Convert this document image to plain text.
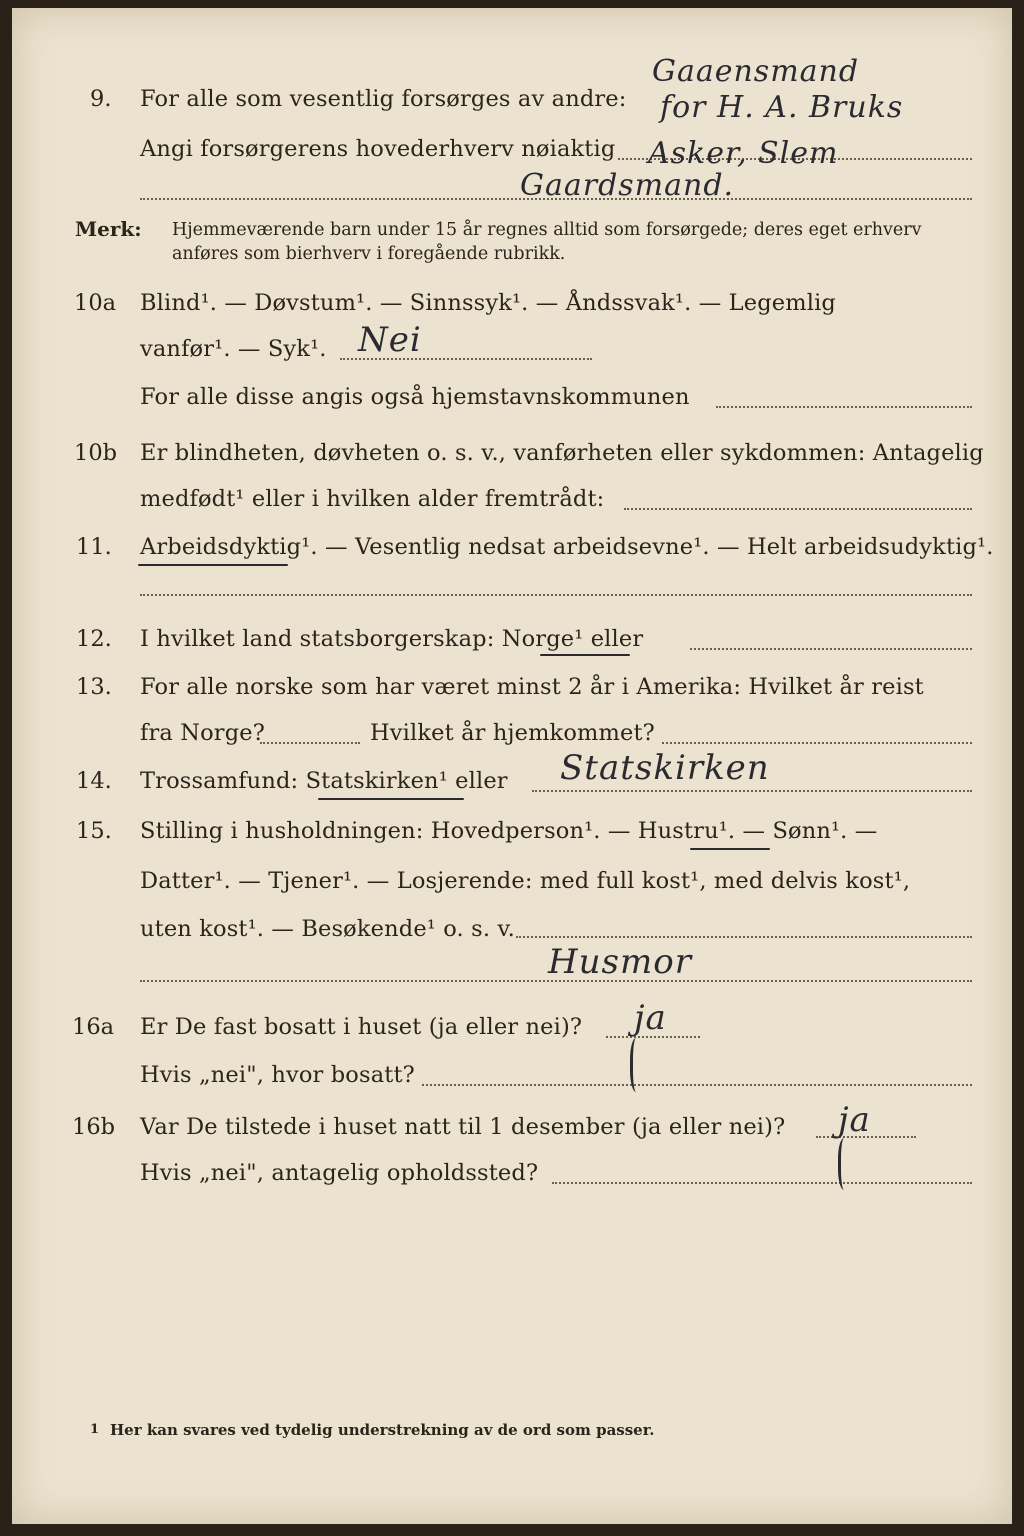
9. For alle som vesentlig forsørges av andre:
Angi forsørgerens hovederhverv nøiaktig
Gaaensmand
for H. A. Bruks
Asker, Slem
Gaardsmand.
Merk: Hjemmeværende barn under 15 år regnes alltid som forsørgede; deres eget erhverv
anføres som bierhverv i foregående rubrikk.
10a Blind¹. — Døvstum¹. — Sinnssyk¹. — Åndssvak¹. — Legemlig
vanfør¹. — Syk¹. Nei
For alle disse angis også hjemstavnskommunen
10b Er blindheten, døvheten o. s. v., vanførheten eller sykdommen: Antagelig
medfødt¹ eller i hvilken alder fremtrådt:
11. Arbeidsdyktig¹. — Vesentlig nedsat arbeidsevne¹. — Helt arbeidsudyktig¹.
12. I hvilket land statsborgerskap: Norge¹ eller
13. For alle norske som har været minst 2 år i Amerika: Hvilket år reist
fra Norge?	Hvilket år hjemkommet?
14. Trossamfund: Statskirken¹ eller Statskirken
15. Stilling i husholdningen: Hovedperson¹. — Hustru¹. — Sønn¹. —
Datter¹. — Tjener¹. — Losjerende: med full kost¹, med delvis kost¹,
uten kost¹. — Besøkende¹ o. s. v.
Husmor
16a Er De fast bosatt i huset (ja eller nei)? ja
Hvis „nei", hvor bosatt?
16b Var De tilstede i huset natt til 1 desember (ja eller nei)? ja
Hvis „nei", antagelig opholdssted?
1 Her kan svares ved tydelig understrekning av de ord som passer.
